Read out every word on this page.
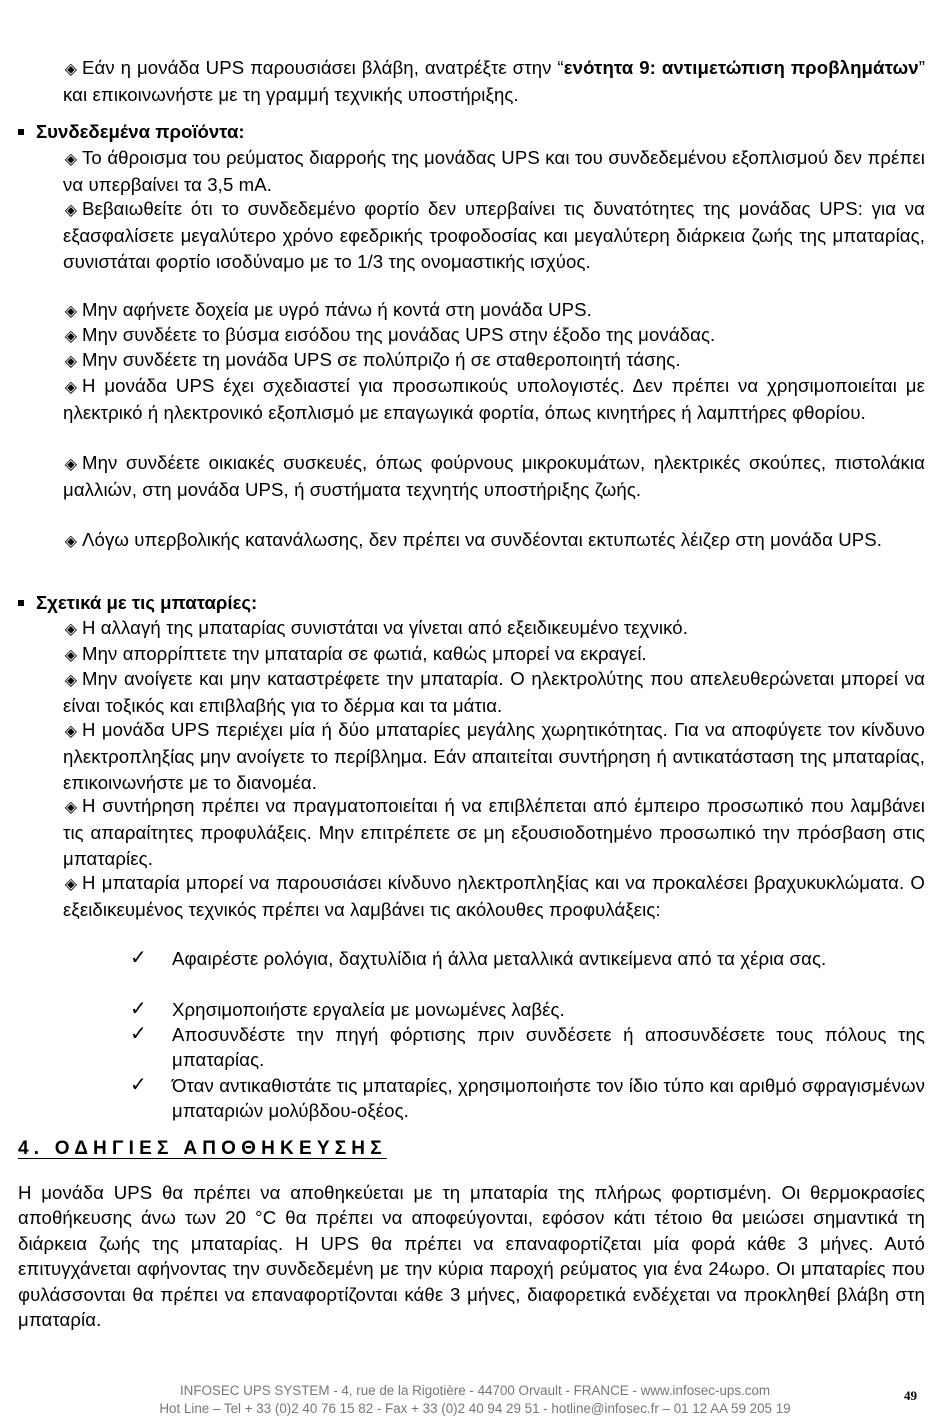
◈ Εάν η μονάδα UPS παρουσιάσει βλάβη, ανατρέξτε στην “ενότητα 9: αντιμετώπιση προβλημάτων” και επικοινωνήστε με τη γραμμή τεχνικής υποστήριξης.
Συνδεδεμένα προϊόντα:
◈ Το άθροισμα του ρεύματος διαρροής της μονάδας UPS και του συνδεδεμένου εξοπλισμού δεν πρέπει να υπερβαίνει τα 3,5 mA.
◈ Βεβαιωθείτε ότι το συνδεδεμένο φορτίο δεν υπερβαίνει τις δυνατότητες της μονάδας UPS: για να εξασφαλίσετε μεγαλύτερο χρόνο εφεδρικής τροφοδοσίας και μεγαλύτερη διάρκεια ζωής της μπαταρίας, συνιστάται φορτίο ισοδύναμο με το 1/3 της ονομαστικής ισχύος.
◈ Μην αφήνετε δοχεία με υγρό πάνω ή κοντά στη μονάδα UPS.
◈ Μην συνδέετε το βύσμα εισόδου της μονάδας UPS στην έξοδο της μονάδας.
◈ Μην συνδέετε τη μονάδα UPS σε πολύπριζο ή σε σταθεροποιητή τάσης.
◈ Η μονάδα UPS έχει σχεδιαστεί για προσωπικούς υπολογιστές. Δεν πρέπει να χρησιμοποιείται με ηλεκτρικό ή ηλεκτρονικό εξοπλισμό με επαγωγικά φορτία, όπως κινητήρες ή λαμπτήρες φθορίου.
◈ Μην συνδέετε οικιακές συσκευές, όπως φούρνους μικροκυμάτων, ηλεκτρικές σκούπες, πιστολάκια μαλλιών, στη μονάδα UPS, ή συστήματα τεχνητής υποστήριξης ζωής.
◈ Λόγω υπερβολικής κατανάλωσης, δεν πρέπει να συνδέονται εκτυπωτές λέιζερ στη μονάδα UPS.
Σχετικά με τις μπαταρίες:
◈ Η αλλαγή της μπαταρίας συνιστάται να γίνεται από εξειδικευμένο τεχνικό.
◈ Μην απορρίπτετε την μπαταρία σε φωτιά, καθώς μπορεί να εκραγεί.
◈ Μην ανοίγετε και μην καταστρέφετε την μπαταρία. Ο ηλεκτρολύτης που απελευθερώνεται μπορεί να είναι τοξικός και επιβλαβής για το δέρμα και τα μάτια.
◈ Η μονάδα UPS περιέχει μία ή δύο μπαταρίες μεγάλης χωρητικότητας. Για να αποφύγετε τον κίνδυνο ηλεκτροπληξίας μην ανοίγετε το περίβλημα. Εάν απαιτείται συντήρηση ή αντικατάσταση της μπαταρίας, επικοινωνήστε με το διανομέα.
◈ Η συντήρηση πρέπει να πραγματοποιείται ή να επιβλέπεται από έμπειρο προσωπικό που λαμβάνει τις απαραίτητες προφυλάξεις. Μην επιτρέπετε σε μη εξουσιοδοτημένο προσωπικό την πρόσβαση στις μπαταρίες.
◈ Η μπαταρία μπορεί να παρουσιάσει κίνδυνο ηλεκτροπληξίας και να προκαλέσει βραχυκυκλώματα. Ο εξειδικευμένος τεχνικός πρέπει να λαμβάνει τις ακόλουθες προφυλάξεις:
✓ Αφαιρέστε ρολόγια, δαχτυλίδια ή άλλα μεταλλικά αντικείμενα από τα χέρια σας.
✓ Χρησιμοποιήστε εργαλεία με μονωμένες λαβές.
✓ Αποσυνδέστε την πηγή φόρτισης πριν συνδέσετε ή αποσυνδέσετε τους πόλους της μπαταρίας.
✓ Όταν αντικαθιστάτε τις μπαταρίες, χρησιμοποιήστε τον ίδιο τύπο και αριθμό σφραγισμένων μπαταριών μολύβδου-οξέος.
4. ΟΔΗΓΙΕΣ ΑΠΟΘΗΚΕΥΣΗΣ
Η μονάδα UPS θα πρέπει να αποθηκεύεται με τη μπαταρία της πλήρως φορτισμένη. Οι θερμοκρασίες αποθήκευσης άνω των 20 °C θα πρέπει να αποφεύγονται, εφόσον κάτι τέτοιο θα μειώσει σημαντικά τη διάρκεια ζωής της μπαταρίας. Η UPS θα πρέπει να επαναφορτίζεται μία φορά κάθε 3 μήνες. Αυτό επιτυγχάνεται αφήνοντας την συνδεδεμένη με την κύρια παροχή ρεύματος για ένα 24ωρο. Οι μπαταρίες που φυλάσσονται θα πρέπει να επαναφορτίζονται κάθε 3 μήνες, διαφορετικά ενδέχεται να προκληθεί βλάβη στη μπαταρία.
INFOSEC UPS SYSTEM - 4, rue de la Rigotière - 44700 Orvault - FRANCE - www.infosec-ups.com
Hot Line – Tel + 33 (0)2 40 76 15 82 - Fax + 33 (0)2 40 94 29 51 - hotline@infosec.fr – 01 12 AA 59 205 19
49
